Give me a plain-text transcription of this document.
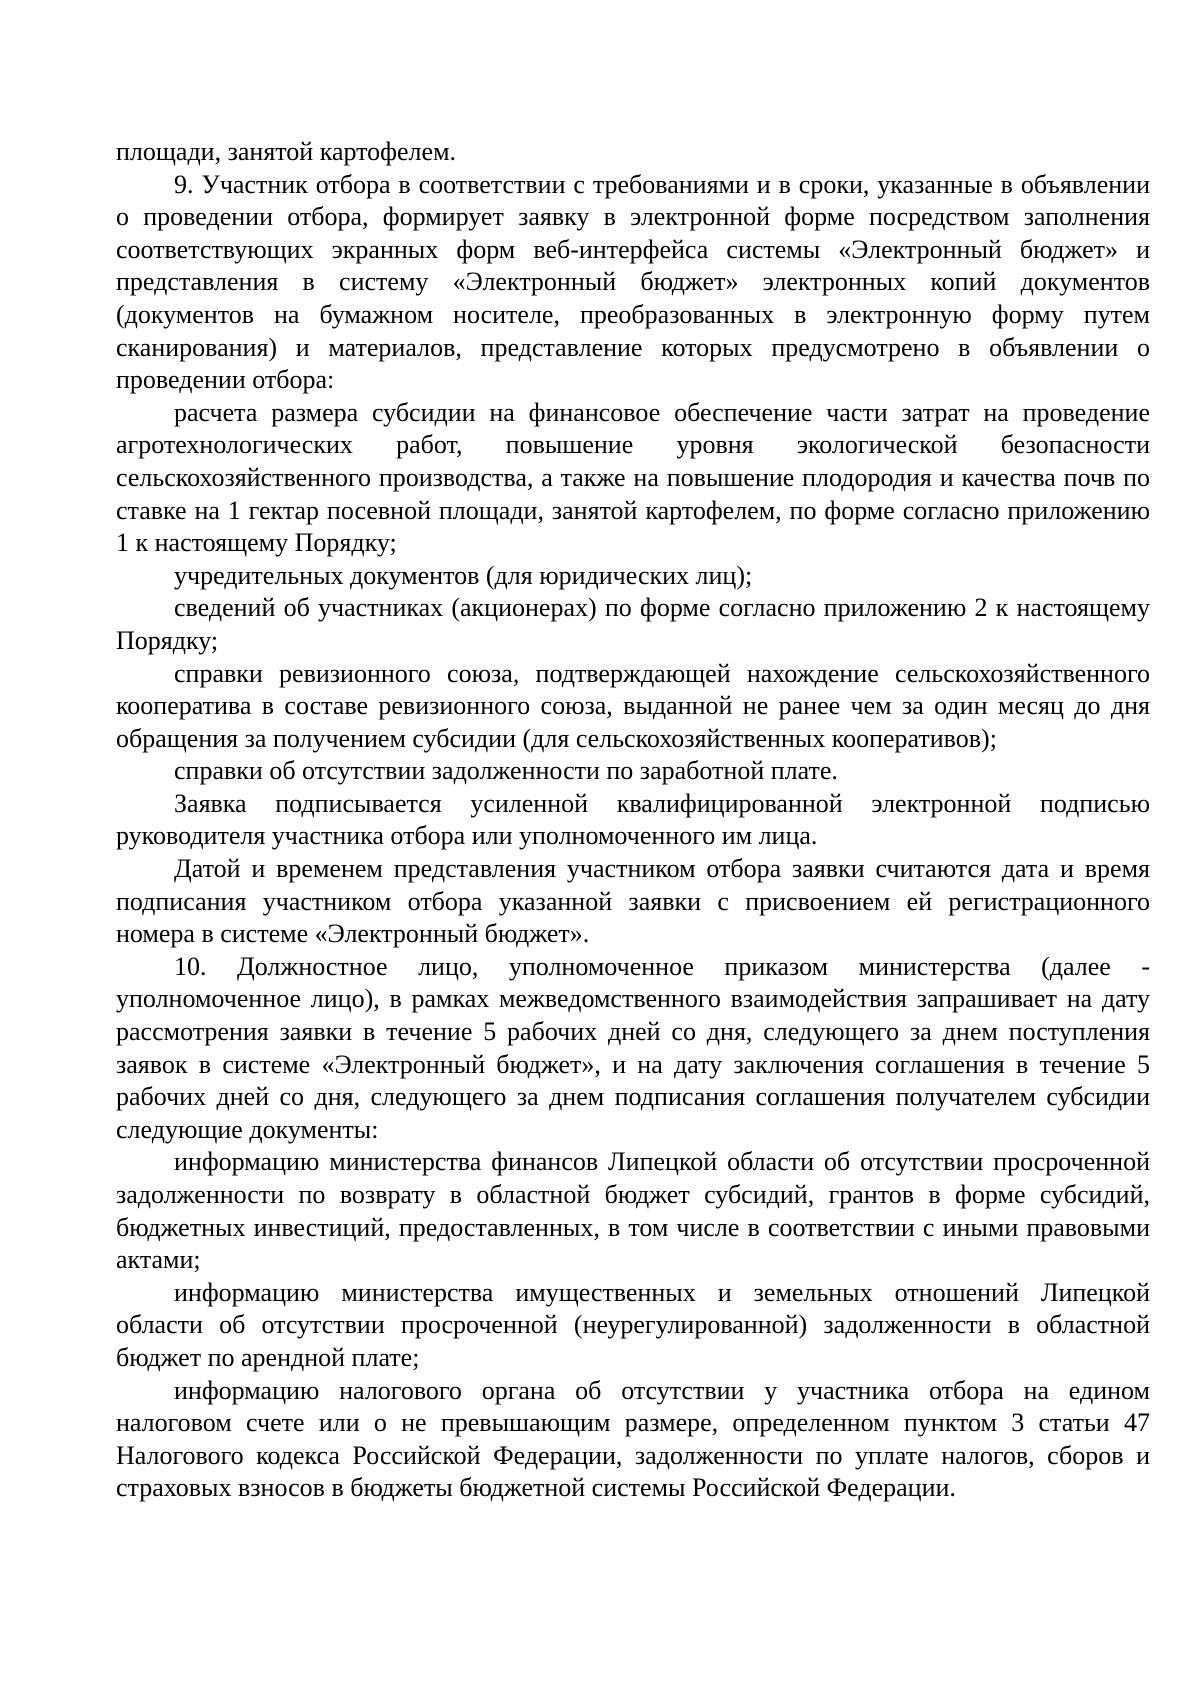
площади, занятой картофелем.

9. Участник отбора в соответствии с требованиями и в сроки, указанные в объявлении о проведении отбора, формирует заявку в электронной форме посредством заполнения соответствующих экранных форм веб-интерфейса системы «Электронный бюджет» и представления в систему «Электронный бюджет» электронных копий документов (документов на бумажном носителе, преобразованных в электронную форму путем сканирования) и материалов, представление которых предусмотрено в объявлении о проведении отбора:

расчета размера субсидии на финансовое обеспечение части затрат на проведение агротехнологических работ, повышение уровня экологической безопасности сельскохозяйственного производства, а также на повышение плодородия и качества почв по ставке на 1 гектар посевной площади, занятой картофелем, по форме согласно приложению 1 к настоящему Порядку;

учредительных документов (для юридических лиц);

сведений об участниках (акционерах) по форме согласно приложению 2 к настоящему Порядку;

справки ревизионного союза, подтверждающей нахождение сельскохозяйственного кооператива в составе ревизионного союза, выданной не ранее чем за один месяц до дня обращения за получением субсидии (для сельскохозяйственных кооперативов);

справки об отсутствии задолженности по заработной плате.

Заявка подписывается усиленной квалифицированной электронной подписью руководителя участника отбора или уполномоченного им лица.

Датой и временем представления участником отбора заявки считаются дата и время подписания участником отбора указанной заявки с присвоением ей регистрационного номера в системе «Электронный бюджет».

10. Должностное лицо, уполномоченное приказом министерства (далее - уполномоченное лицо), в рамках межведомственного взаимодействия запрашивает на дату рассмотрения заявки в течение 5 рабочих дней со дня, следующего за днем поступления заявок в системе «Электронный бюджет», и на дату заключения соглашения в течение 5 рабочих дней со дня, следующего за днем подписания соглашения получателем субсидии следующие документы:

информацию министерства финансов Липецкой области об отсутствии просроченной задолженности по возврату в областной бюджет субсидий, грантов в форме субсидий, бюджетных инвестиций, предоставленных, в том числе в соответствии с иными правовыми актами;

информацию министерства имущественных и земельных отношений Липецкой области об отсутствии просроченной (неурегулированной) задолженности в областной бюджет по арендной плате;

информацию налогового органа об отсутствии у участника отбора на едином налоговом счете или о не превышающим размере, определенном пунктом 3 статьи 47 Налогового кодекса Российской Федерации, задолженности по уплате налогов, сборов и страховых взносов в бюджеты бюджетной системы Российской Федерации.
